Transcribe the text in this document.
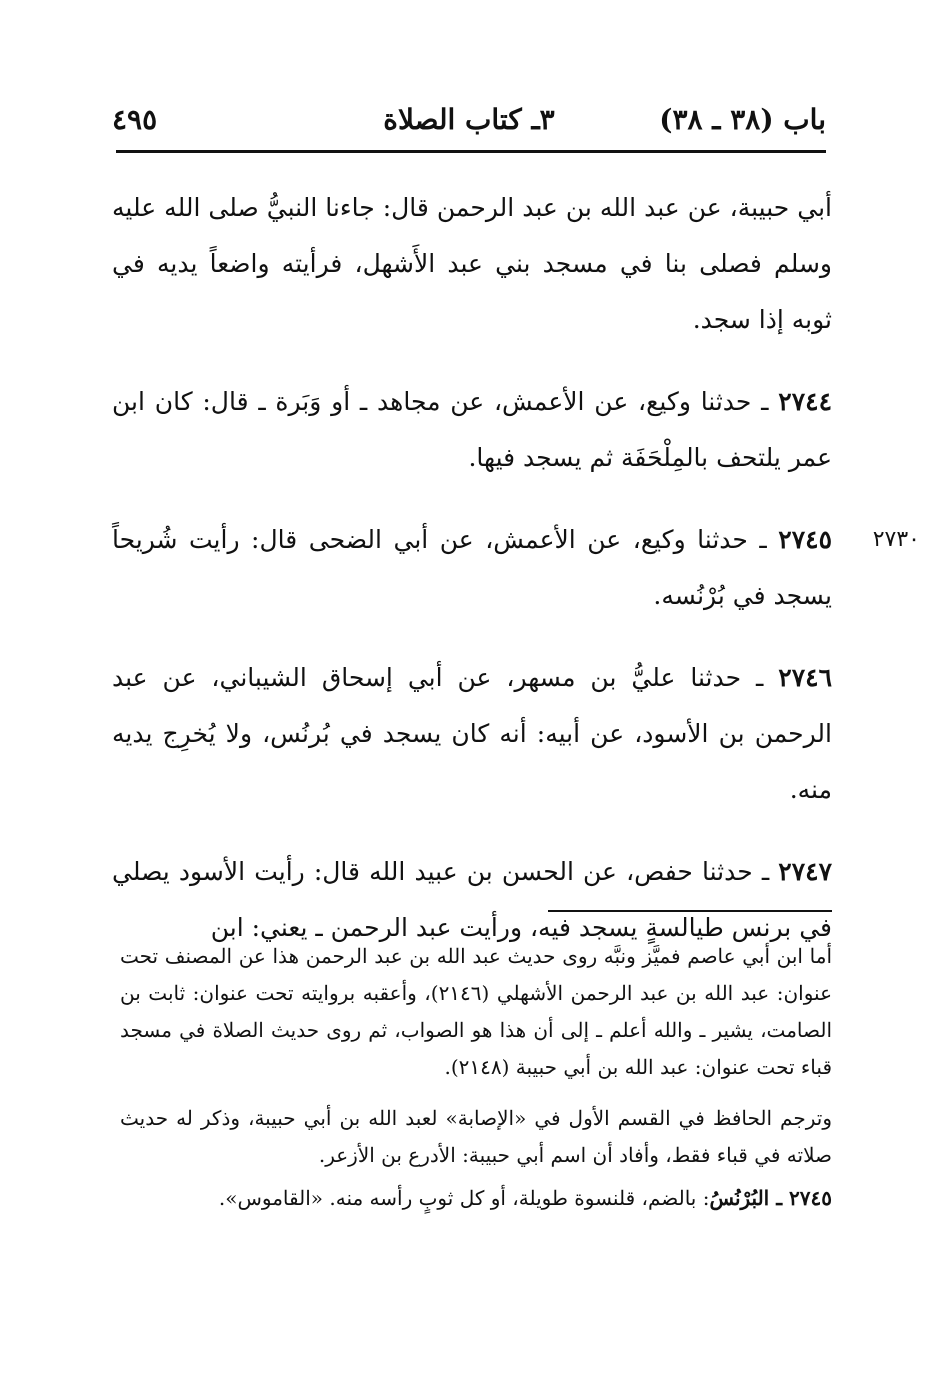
باب (٣٨ ـ ٣٨)
٣ـ كتاب الصلاة
٤٩٥

أبي حبيبة، عن عبد الله بن عبد الرحمن قال: جاءنا النبيُّ صلى الله عليه وسلم فصلى بنا في مسجد بني عبد الأَشهل، فرأيته واضعاً يديه في ثوبه إذا سجد.

٢٧٤٤ ـ حدثنا وكيع، عن الأعمش، عن مجاهد ـ أو وَبَرة ـ قال: كان ابن عمر يلتحف بالمِلْحَفَة ثم يسجد فيها.

٢٧٣٠
٢٧٤٥ ـ حدثنا وكيع، عن الأعمش، عن أبي الضحى قال: رأيت شُريحاً يسجد في بُرْنُسه.

٢٧٤٦ ـ حدثنا عليُّ بن مسهر، عن أبي إسحاق الشيباني، عن عبد الرحمن بن الأسود، عن أبيه: أنه كان يسجد في بُرنُس، ولا يُخرِج يديه منه.

٢٧٤٧ ـ حدثنا حفص، عن الحسن بن عبيد الله قال: رأيت الأسود يصلي في برنس طيالسةٍ يسجد فيه، ورأيت عبد الرحمن ـ يعني: ابن

أما ابن أبي عاصم فميَّز ونبَّه روى حديث عبد الله بن عبد الرحمن هذا عن المصنف تحت عنوان: عبد الله بن عبد الرحمن الأشهلي (٢١٤٦)، وأعقبه بروايته تحت عنوان: ثابت بن الصامت، يشير ـ والله أعلم ـ إلى أن هذا هو الصواب، ثم روى حديث الصلاة في مسجد قباء تحت عنوان: عبد الله بن أبي حبيبة (٢١٤٨).

وترجم الحافظ في القسم الأول في «الإصابة» لعبد الله بن أبي حبيبة، وذكر له حديث صلاته في قباء فقط، وأفاد أن اسم أبي حبيبة: الأدرع بن الأزعر.

٢٧٤٥ ـ البُرْنُسُ: بالضم، قلنسوة طويلة، أو كل ثوبٍ رأسه منه. «القاموس».
